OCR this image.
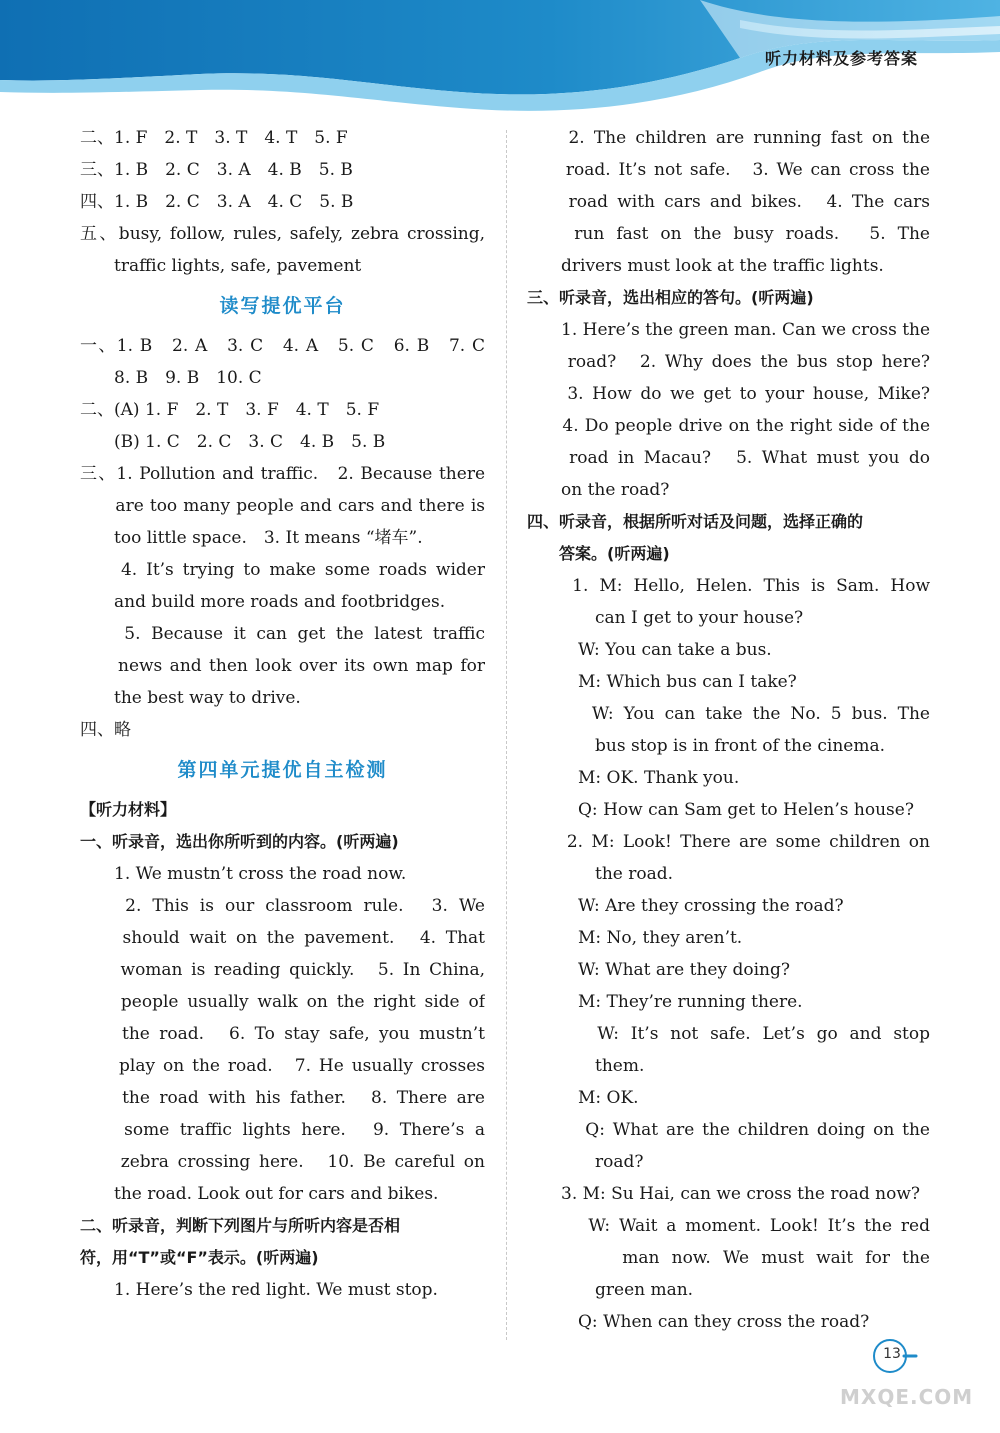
听力材料及参考答案
二、1. F　2. T　3. T　4. T　5. F
三、1. B　2. C　3. A　4. B　5. B
四、1. B　2. C　3. A　4. C　5. B
五、busy, follow, rules, safely, zebra crossing,
　　traffic lights, safe, pavement
读写提优平台
一、1. B　2. A　3. C　4. A　5. C　6. B　7. C
　　8. B　9. B　10. C
二、(A) 1. F　2. T　3. F　4. T　5. F
　　(B) 1. C　2. C　3. C　4. B　5. B
三、1. Pollution and traffic.　2. Because there
　　are too many people and cars and there is
　　too little space.　3. It means “堵车”.
　　4. It’s trying to make some roads wider
　　and build more roads and footbridges.
　　5. Because it can get the latest traffic
　　news and then look over its own map for
　　the best way to drive.
四、略
第四单元提优自主检测
【听力材料】
一、听录音，选出你所听到的内容。(听两遍)
　　1. We mustn’t cross the road now.
　　2. This is our classroom rule.　3. We
　　should wait on the pavement.　4. That
　　woman is reading quickly.　5. In China,
　　people usually walk on the right side of
　　the road.　6. To stay safe, you mustn’t
　　play on the road.　7. He usually crosses
　　the road with his father.　8. There are
　　some traffic lights here.　9. There’s a
　　zebra crossing here.　10. Be careful on
　　the road. Look out for cars and bikes.
二、听录音，判断下列图片与所听内容是否相
符，用“T”或“F”表示。(听两遍)
　　1. Here’s the red light. We must stop.
　　2. The children are running fast on the
　　road. It’s not safe.　3. We can cross the
　　road with cars and bikes.　4. The cars
　　run fast on the busy roads.　5. The
　　drivers must look at the traffic lights.
三、听录音，选出相应的答句。(听两遍)
　　1. Here’s the green man. Can we cross the
　　road?　2. Why does the bus stop here?
　　3. How do we get to your house, Mike?
　　4. Do people drive on the right side of the
　　road in Macau?　5. What must you do
　　on the road?
四、听录音，根据所听对话及问题，选择正确的
　　答案。(听两遍)
　　1. M: Hello, Helen. This is Sam. How
　　　　can I get to your house?
　　　W: You can take a bus.
　　　M: Which bus can I take?
　　　W: You can take the No. 5 bus. The
　　　　bus stop is in front of the cinema.
　　　M: OK. Thank you.
　　　Q: How can Sam get to Helen’s house?
　　2. M: Look! There are some children on
　　　　the road.
　　　W: Are they crossing the road?
　　　M: No, they aren’t.
　　　W: What are they doing?
　　　M: They’re running there.
　　　W: It’s not safe. Let’s go and stop
　　　　them.
　　　M: OK.
　　　Q: What are the children doing on the
　　　　road?
　　3. M: Su Hai, can we cross the road now?
　　　W: Wait a moment. Look! It’s the red
　　　　man now. We must wait for the
　　　　green man.
　　　Q: When can they cross the road?
13
MXQE.COM
